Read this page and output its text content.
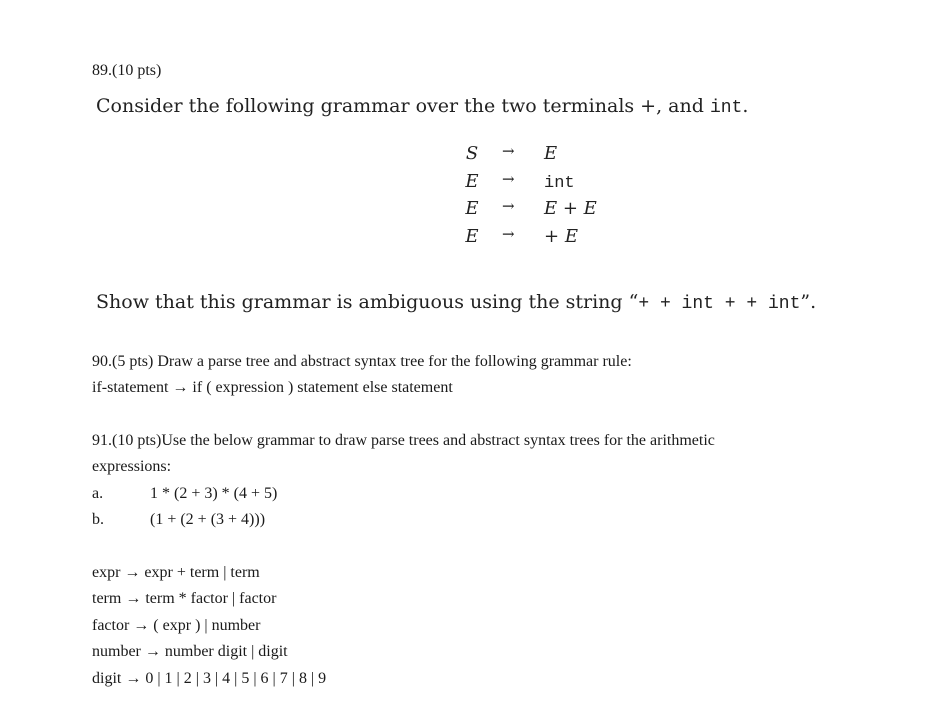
89.(10 pts)
Consider the following grammar over the two terminals +, and int.
S → E
E → int
E → E + E
E → + E
Show that this grammar is ambiguous using the string “+ + int + + int”.
90.(5 pts) Draw a parse tree and abstract syntax tree for the following grammar rule:
if-statement → if ( expression ) statement else statement
91.(10 pts)Use the below grammar to draw parse trees and abstract syntax trees for the arithmetic
expressions:
a.	1 * (2 + 3) * (4 + 5)
b.	(1 + (2 + (3 + 4)))
expr → expr + term | term
term → term * factor | factor
factor → ( expr ) | number
number → number digit | digit
digit → 0 | 1 | 2 | 3 | 4 | 5 | 6 | 7 | 8 | 9
